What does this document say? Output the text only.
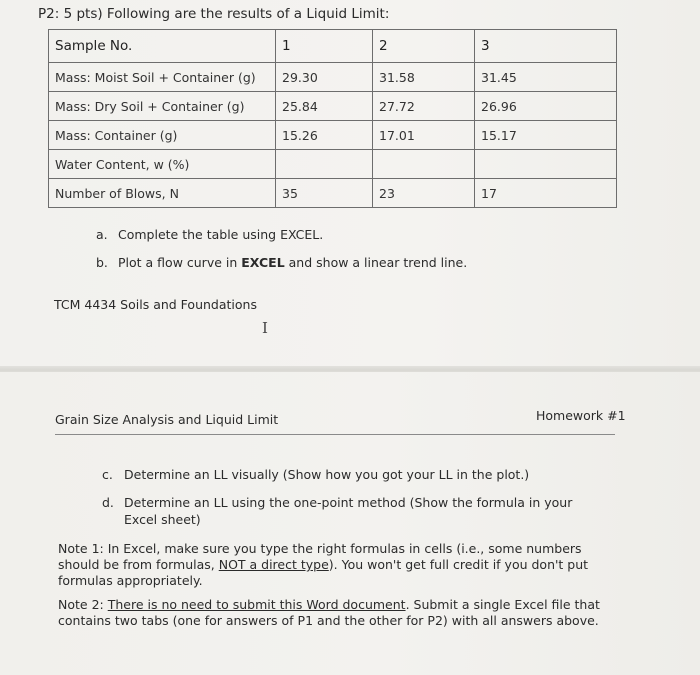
P2: 5 pts) Following are the results of a Liquid Limit:
Sample No.	1	2	3
Mass: Moist Soil + Container (g)	29.30	31.58	31.45
Mass: Dry Soil + Container (g)	25.84	27.72	26.96
Mass: Container (g)	15.26	17.01	15.17
Water Content, w (%)			
Number of Blows, N	35	23	17
a. Complete the table using EXCEL.
b. Plot a flow curve in EXCEL and show a linear trend line.
TCM 4434 Soils and Foundations
I
Grain Size Analysis and Liquid Limit	Homework #1
c. Determine an LL visually (Show how you got your LL in the plot.)
d. Determine an LL using the one-point method (Show the formula in your Excel sheet)
Note 1: In Excel, make sure you type the right formulas in cells (i.e., some numbers should be from formulas, NOT a direct type). You won't get full credit if you don't put formulas appropriately.
Note 2: There is no need to submit this Word document. Submit a single Excel file that contains two tabs (one for answers of P1 and the other for P2) with all answers above.
